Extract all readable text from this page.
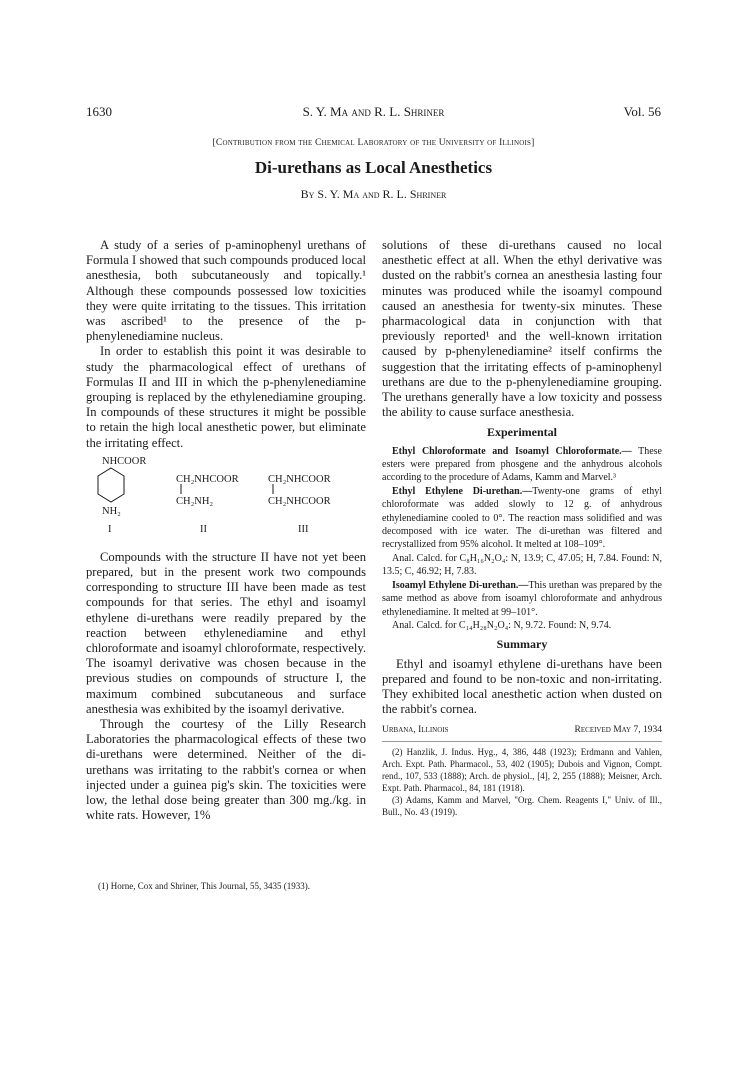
1630	S. Y. Ma and R. L. Shriner	Vol. 56
[Contribution from the Chemical Laboratory of the University of Illinois]
Di-urethans as Local Anesthetics
By S. Y. Ma and R. L. Shriner

A study of a series of p-aminophenyl urethans of Formula I showed that such compounds produced local anesthesia, both subcutaneously and topically.¹ Although these compounds possessed low toxicities they were quite irritating to the tissues. This irritation was ascribed¹ to the presence of the p-phenylenediamine nucleus.

In order to establish this point it was desirable to study the pharmacological effect of urethans of Formulas II and III in which the p-phenylenediamine grouping is replaced by the ethylenediamine grouping. In compounds of these structures it might be possible to retain the high local anesthetic power, but eliminate the irritating effect.

NHCOOR
NH₂
I
CH₂NHCOOR
CH₂NH₂
II
CH₂NHCOOR
CH₂NHCOOR
III

Compounds with the structure II have not yet been prepared, but in the present work two compounds corresponding to structure III have been made as test compounds for that series. The ethyl and isoamyl ethylene di-urethans were readily prepared by the reaction between ethylenediamine and ethyl chloroformate and isoamyl chloroformate, respectively. The isoamyl derivative was chosen because in the previous studies on compounds of structure I, the maximum combined subcutaneous and surface anesthesia was exhibited by the isoamyl derivative.

Through the courtesy of the Lilly Research Laboratories the pharmacological effects of these two di-urethans were determined. Neither of the di-urethans was irritating to the rabbit's cornea or when injected under a guinea pig's skin. The toxicities were low, the lethal dose being greater than 300 mg./kg. in white rats. However, 1%

(1) Horne, Cox and Shriner, This Journal, 55, 3435 (1933).

solutions of these di-urethans caused no local anesthetic effect at all. When the ethyl derivative was dusted on the rabbit's cornea an anesthesia lasting four minutes was produced while the isoamyl compound caused an anesthesia for twenty-six minutes. These pharmacological data in conjunction with that previously reported¹ and the well-known irritation caused by p-phenylenediamine² itself confirms the suggestion that the irritating effects of p-aminophenyl urethans are due to the p-phenylenediamine grouping. The urethans generally have a low toxicity and possess the ability to cause surface anesthesia.

Experimental

Ethyl Chloroformate and Isoamyl Chloroformate.— These esters were prepared from phosgene and the anhydrous alcohols according to the procedure of Adams, Kamm and Marvel.³

Ethyl Ethylene Di-urethan.—Twenty-one grams of ethyl chloroformate was added slowly to 12 g. of anhydrous ethylenediamine cooled to 0°. The reaction mass solidified and was decomposed with ice water. The di-urethan was filtered and recrystallized from 95% alcohol. It melted at 108–109°.

Anal. Calcd. for C₈H₁₆N₂O₄: N, 13.9; C, 47.05; H, 7.84. Found: N, 13.5; C, 46.92; H, 7.83.

Isoamyl Ethylene Di-urethan.—This urethan was prepared by the same method as above from isoamyl chloroformate and anhydrous ethylenediamine. It melted at 99–101°.

Anal. Calcd. for C₁₄H₂₈N₂O₄: N, 9.72. Found: N, 9.74.

Summary

Ethyl and isoamyl ethylene di-urethans have been prepared and found to be non-toxic and non-irritating. They exhibited local anesthetic action when dusted on the rabbit's cornea.

Urbana, Illinois	Received May 7, 1934

(2) Hanzlik, J. Indus. Hyg., 4, 386, 448 (1923); Erdmann and Vahlen, Arch. Expt. Path. Pharmacol., 53, 402 (1905); Dubois and Vignon, Compt. rend., 107, 533 (1888); Arch. de physiol., [4], 2, 255 (1888); Meisner, Arch. Expt. Path. Pharmacol., 84, 181 (1918).

(3) Adams, Kamm and Marvel, "Org. Chem. Reagents I," Univ. of Ill., Bull., No. 43 (1919).
